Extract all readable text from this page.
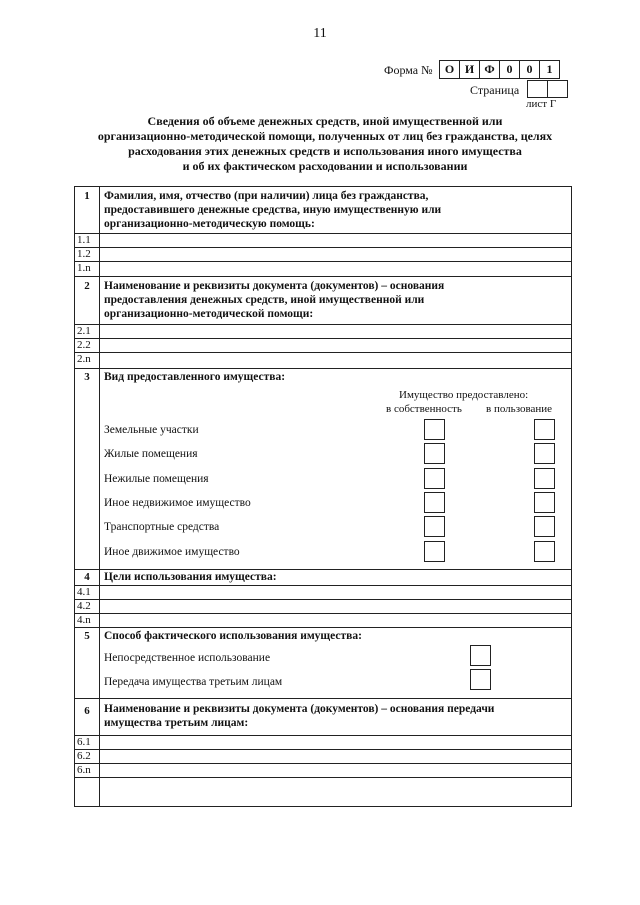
11
Форма №	О И Ф 0	0	1
Страница
лист Г
Сведения об объеме денежных средств, иной имущественной или
организационно-методической помощи, полученных от лиц без гражданства, целях
расходования этих денежных средств и использования иного имущества
и об их фактическом расходовании и использовании
1	Фамилия, имя, отчество (при наличии) лица без гражданства,
предоставившего денежные средства, иную имущественную или
организационно-методическую помощь:
1.1
1.2
1.n
2	Наименование и реквизиты документа (документов) – основания
предоставления денежных средств, иной имущественной или
организационно-методической помощи:
2.1
2.2
2.n
3	Вид предоставленного имущества:
Имущество предоставлено:
в собственность в пользование
Земельные участки
Жилые помещения
Нежилые помещения
Иное недвижимое имущество
Транспортные средства
Иное движимое имущество
4	Цели использования имущества:
4.1
4.2
4.n
5	Способ фактического использования имущества:
Непосредственное использование
Передача имущества третьим лицам
6	Наименование и реквизиты документа (документов) – основания передачи
имущества третьим лицам:
6.1
6.2
6.n
